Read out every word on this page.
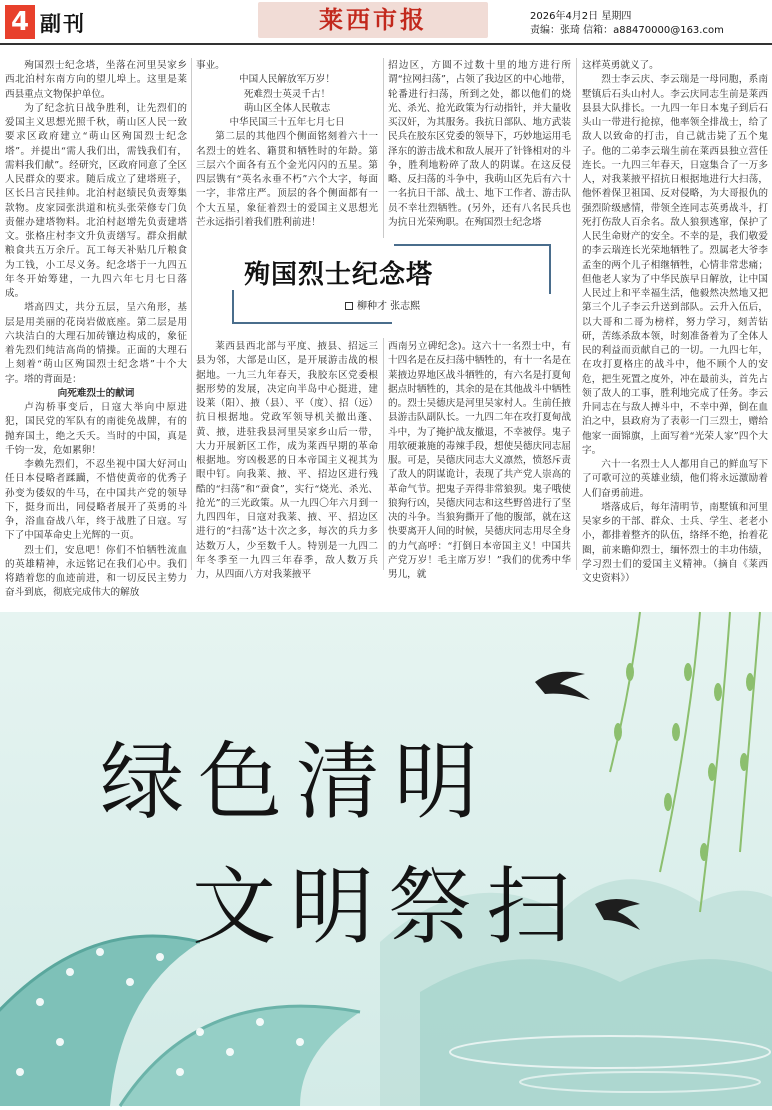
4 副刊	莱西市报	2026年4月2日 星期四
责编：张琦 信箱：a88470000@163.com

殉国烈士纪念塔，坐落在河里吴家乡西北泊村东南方向的望儿埠上。这里是莱西县重点文物保护单位。

为了纪念抗日战争胜利，让先烈们的爱国主义思想光照千秋，萌山区人民一致要求区政府建立“萌山区殉国烈士纪念塔”。并提出“需人我们出，需钱我们有，需料我们献”。经研究，区政府同意了全区人民群众的要求。随后成立了建塔班子，区长吕言民挂帅。北泊村赵绩民负责筹集款物。皮家园张洪道和杭头张荣修专门负责催办建塔物料。北泊村赵增先负责建塔文。张格庄村李文升负责缮写。群众捐献粮食共五万余斤。瓦工每天补贴几斤粮食为工钱，小工尽义务。纪念塔于一九四五年冬开始筹建，一九四六年七月七日落成。

塔高四丈，共分五层，呈六角形，基层是用美丽的花岗岩做底座。第二层是用六块洁白的大理石加砖镶边构成的，象征着先烈们纯洁高尚的情操。正面的大理石上刻着“萌山区殉国烈士纪念塔”十个大字。塔的背面是：

向死难烈士的献词

卢沟桥事变后，日寇大举向中原进犯，国民党的军队有的南徙免战牌，有的抛弃国土，绝之夭夭。当时的中国，真是千钧一发，危如累卵！

李赖先烈们，不忍坐视中国大好河山任日本侵略者蹂躏，不惜使黄帝的优秀子孙变为倭奴的牛马，在中国共产党的领导下，挺身而出，同侵略者展开了英勇的斗争，浴血奋战八年，终于战胜了日寇。写下了中国革命史上光辉的一页。

烈士们，安息吧！你们不怕牺牲流血的英雄精神，永远铭记在我们心中。我们将踏着您的血迹前进，和一切反民主势力奋斗到底，彻底完成伟大的解放

事业。

中国人民解放军万岁！

死难烈士英灵千古！

萌山区全体人民敬志

中华民国三十五年七月七日

第二层的其他四个侧面铭刻着六十一名烈士的姓名、籍贯和牺牲时的年龄。第三层六个面各有五个金光闪闪的五星。第四层镌有“英名永垂不朽”六个大字，每面一字，非常庄严。顶层的各个侧面都有一个大五星，象征着烈士的爱国主义思想光芒永远指引着我们胜利前进！

招边区，方圆不过数十里的地方进行所谓“拉网扫荡”，占领了我边区的中心地带，轮番进行扫荡，所到之处，都以他们的烧光、杀光、抢光政策为行动指针，并大量收买汉奸，为其服务。我抗日部队、地方武装民兵在胶东区党委的领导下，巧妙地运用毛泽东的游击战术和敌人展开了针锋相对的斗争，胜利地粉碎了敌人的阴谋。在这反侵略、反扫荡的斗争中，我萌山区先后有六十一名抗日干部、战士、地下工作者、游击队员不幸壮烈牺牲。(另外，还有八名民兵也为抗日光荣殉职。在殉国烈士纪念塔

这样英勇就义了。

烈士李云庆、李云瑞是一母同胞，系南墅镇后石头山村人。李云庆同志生前是莱西县县大队排长。一九四一年日本鬼子到后石头山一带进行抢掠，他率领全排战士，给了敌人以致命的打击，自己就击毙了五个鬼子。他的二弟李云瑞生前在莱西县独立营任连长。一九四三年春天，日寇集合了一万多人，对我莱掖平招抗日根据地进行大扫荡，他怀着保卫祖国、反对侵略，为大哥报仇的强烈阶级感情，带领全连同志英勇战斗，打死打伤敌人百余名。敌人狼狈逃窜，保护了人民生命财产的安全。不幸的是，我们敬爱的李云瑞连长光荣地牺牲了。烈属老大爷李孟奎的两个儿子相继牺牲，心情非常悲痛；但他老人家为了中华民族早日解放，让中国人民过上和平幸福生活，他毅然决然地又把第三个儿子李云升送到部队。云升入伍后，以大哥和二哥为榜样，努力学习，刻苦钻研，苦练杀敌本领，时刻准备着为了全体人民的利益而贡献自己的一切。一九四七年，在攻打夏格庄的战斗中，他不顾个人的安危，把生死置之度外，冲在最前头，首先占领了敌人的工事，胜利地完成了任务。李云升同志在与敌人搏斗中，不幸中弹，倒在血泊之中，县政府为了表彰一门三烈士，赠给他家一面锦旗，上面写着“光荣人家”四个大字。

六十一名烈士人人都用自己的鲜血写下了可歌可泣的英雄业绩，他们将永远激励着人们奋勇前进。

塔落成后，每年清明节，南墅镇和河里吴家乡的干部、群众、士兵、学生、老老小小，都排着整齐的队伍，络绎不绝，抬着花圈，前来瞻仰烈士，缅怀烈士的丰功伟绩，学习烈士们的爱国主义精神。（摘自《莱西文史资料》）

殉国烈士纪念塔
柳种才 张志熙

莱西县西北部与平度、掖县、招远三县为邻，大部是山区，是开展游击战的根据地。一九三九年春天，我胶东区党委根据形势的发展，决定向半岛中心挺进，建设莱（阳）、掖（县）、平（度）、招（远）抗日根据地。党政军领导机关撤出蓬、黄、掖，进驻我县河里吴家乡山后一带，大力开展新区工作，成为莱西早期的革命根据地。穷凶极恶的日本帝国主义视其为眼中钉。向我莱、掖、平、招边区进行残酷的“扫荡”和“蚕食”，实行“烧光、杀光、抢光”的三光政策。从一九四〇年六月到一九四四年，日寇对我莱、掖、平、招边区进行的“扫荡”达十次之多，每次的兵力多达数万人，少至数千人。特别是一九四二年冬季至一九四三年春季，敌人数万兵力，从四面八方对我莱掖平

西南另立碑纪念)。这六十一名烈士中，有十四名是在反扫荡中牺牲的，有十一名是在莱掖边界地区战斗牺牲的，有六名是打夏甸据点时牺牲的，其余的是在其他战斗中牺牲的。烈士吴德庆是河里吴家村人。生前任掖县游击队副队长。一九四二年在攻打夏甸战斗中，为了掩护战友撤退，不幸被俘。鬼子用软硬兼施的毒辣手段，想使吴德庆同志屈服。可是，吴德庆同志大义凛然，愤怒斥责了敌人的阴谋诡计，表现了共产党人崇高的革命气节。把鬼子弄得非常狼狈。鬼子哦使狼狗行凶，吴德庆同志和这些野兽进行了坚决的斗争。当狼狗撕开了他的腹部，就在这快要离开人间的时候，吴德庆同志用尽全身的力气高呼：“打倒日本帝国主义！中国共产党万岁！毛主席万岁！”我们的优秀中华男儿，就

绿色清明
文明祭扫
